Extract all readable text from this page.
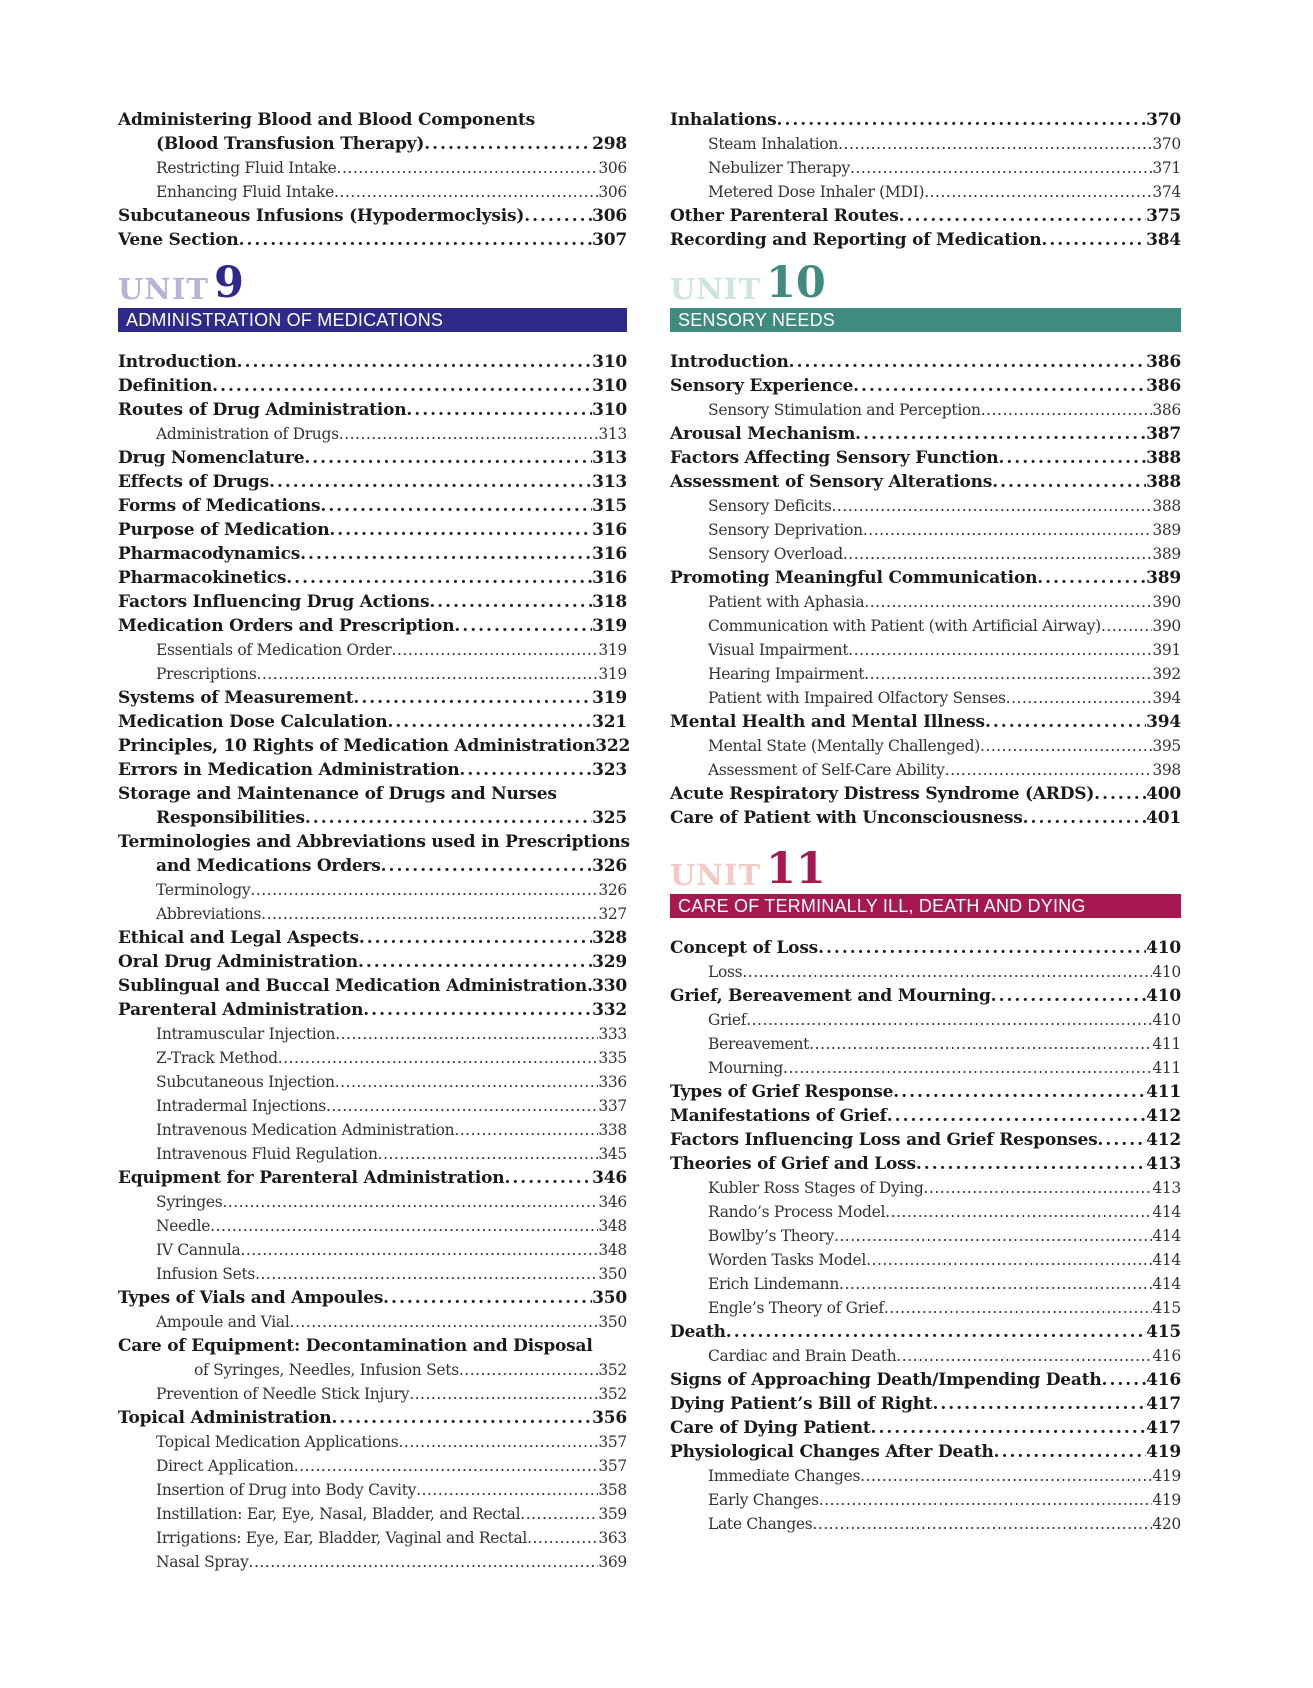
Administering Blood and Blood Components
(Blood Transfusion Therapy) .....	298
Restricting Fluid Intake .....	306
Enhancing Fluid Intake .....	306
Subcutaneous Infusions (Hypodermoclysis) .....	306
Vene Section .....	307
UNIT 9
ADMINISTRATION OF MEDICATIONS
Introduction .....	310
Definition .....	310
Routes of Drug Administration .....	310
Administration of Drugs .....	313
Drug Nomenclature .....	313
Effects of Drugs .....	313
Forms of Medications .....	315
Purpose of Medication .....	316
Pharmacodynamics .....	316
Pharmacokinetics .....	316
Factors Influencing Drug Actions .....	318
Medication Orders and Prescription .....	319
Essentials of Medication Order .....	319
Prescriptions .....	319
Systems of Measurement .....	319
Medication Dose Calculation .....	321
Principles, 10 Rights of Medication Administration 322
Errors in Medication Administration .....	323
Storage and Maintenance of Drugs and Nurses
Responsibilities .....	325
Terminologies and Abbreviations used in Prescriptions
and Medications Orders .....	326
Terminology .....	326
Abbreviations .....	327
Ethical and Legal Aspects .....	328
Oral Drug Administration .....	329
Sublingual and Buccal Medication Administration ..... 330
Parenteral Administration .....	332
Intramuscular Injection .....	333
Z-Track Method .....	335
Subcutaneous Injection .....	336
Intradermal Injections .....	337
Intravenous Medication Administration .....	338
Intravenous Fluid Regulation .....	345
Equipment for Parenteral Administration .....	346
Syringes .....	346
Needle .....	348
IV Cannula .....	348
Infusion Sets .....	350
Types of Vials and Ampoules .....	350
Ampoule and Vial .....	350
Care of Equipment: Decontamination and Disposal
of Syringes, Needles, Infusion Sets .....	352
Prevention of Needle Stick Injury .....	352
Topical Administration .....	356
Topical Medication Applications .....	357
Direct Application .....	357
Insertion of Drug into Body Cavity .....	358
Instillation: Ear, Eye, Nasal, Bladder, and Rectal .....	359
Irrigations: Eye, Ear, Bladder, Vaginal and Rectal .....	363
Nasal Spray .....	369
Inhalations .....	370
Steam Inhalation .....	370
Nebulizer Therapy .....	371
Metered Dose Inhaler (MDI) .....	374
Other Parenteral Routes .....	375
Recording and Reporting of Medication .....	384
UNIT 10
SENSORY NEEDS
Introduction .....	386
Sensory Experience .....	386
Sensory Stimulation and Perception .....	386
Arousal Mechanism .....	387
Factors Affecting Sensory Function .....	388
Assessment of Sensory Alterations .....	388
Sensory Deficits .....	388
Sensory Deprivation .....	389
Sensory Overload .....	389
Promoting Meaningful Communication .....	389
Patient with Aphasia .....	390
Communication with Patient (with Artificial Airway) .....	390
Visual Impairment .....	391
Hearing Impairment .....	392
Patient with Impaired Olfactory Senses .....	394
Mental Health and Mental Illness .....	394
Mental State (Mentally Challenged) .....	395
Assessment of Self-Care Ability .....	398
Acute Respiratory Distress Syndrome (ARDS) .....	400
Care of Patient with Unconsciousness .....	401
UNIT 11
CARE OF TERMINALLY ILL, DEATH AND DYING
Concept of Loss .....	410
Loss .....	410
Grief, Bereavement and Mourning .....	410
Grief .....	410
Bereavement .....	411
Mourning .....	411
Types of Grief Response .....	411
Manifestations of Grief .....	412
Factors Influencing Loss and Grief Responses .....	412
Theories of Grief and Loss .....	413
Kubler Ross Stages of Dying .....	413
Rando’s Process Model .....	414
Bowlby’s Theory .....	414
Worden Tasks Model .....	414
Erich Lindemann .....	414
Engle’s Theory of Grief .....	415
Death .....	415
Cardiac and Brain Death .....	416
Signs of Approaching Death/Impending Death .....	416
Dying Patient’s Bill of Right .....	417
Care of Dying Patient .....	417
Physiological Changes After Death .....	419
Immediate Changes .....	419
Early Changes .....	419
Late Changes .....	420
